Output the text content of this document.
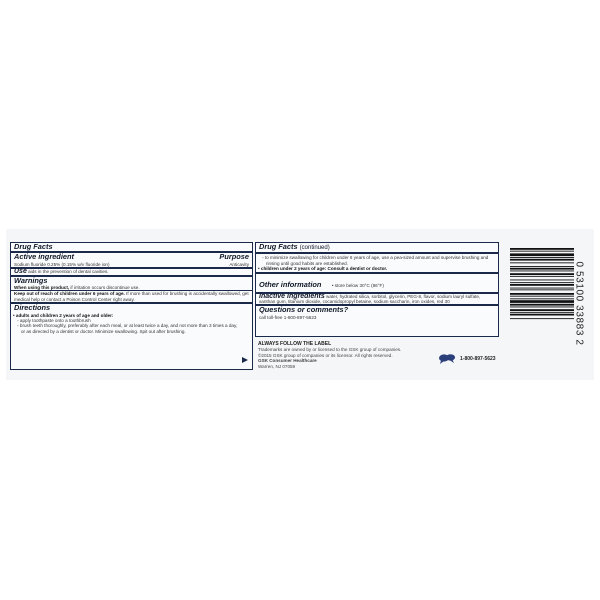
Drug Facts
Active ingredient	Purpose
Sodium fluoride 0.25% (0.15% w/v fluoride ion)	Anticavity
Use aids in the prevention of dental cavities.
Warnings
When using this product, if irritation occurs discontinue use.
Keep out of reach of children under 6 years of age. If more than used for brushing is accidentally swallowed, get medical help or contact a Poison Control Center right away.
Directions
• adults and children 2 years of age and older:
◦ apply toothpaste onto a toothbrush
◦ brush teeth thoroughly, preferably after each meal, or at least twice a day, and not more than 3 times a day, or as directed by a dentist or doctor. Minimize swallowing. Spit out after brushing.
Drug Facts (continued)
◦ to minimize swallowing for children under 6 years of age, use a pea-sized amount and supervise brushing and rinsing until good habits are established.
• children under 2 years of age: Consult a dentist or doctor.
Other information • store below 30°C (86°F)
Inactive ingredients water, hydrated silica, sorbitol, glycerin, PEG-8, flavor, sodium lauryl sulfate, xanthan gum, titanium dioxide, cocamidopropyl betaine, sodium saccharin, iron oxides, red 30
Questions or comments?
call toll-free 1-800-897-5623
ALWAYS FOLLOW THE LABEL
Trademarks are owned by or licensed to the GSK group of companies.
©2015 GSK group of companies or its licensor. All rights reserved.
GSK Consumer Healthcare
Warren, NJ 07059
1-800-897-5623
0 53100 33883 2
